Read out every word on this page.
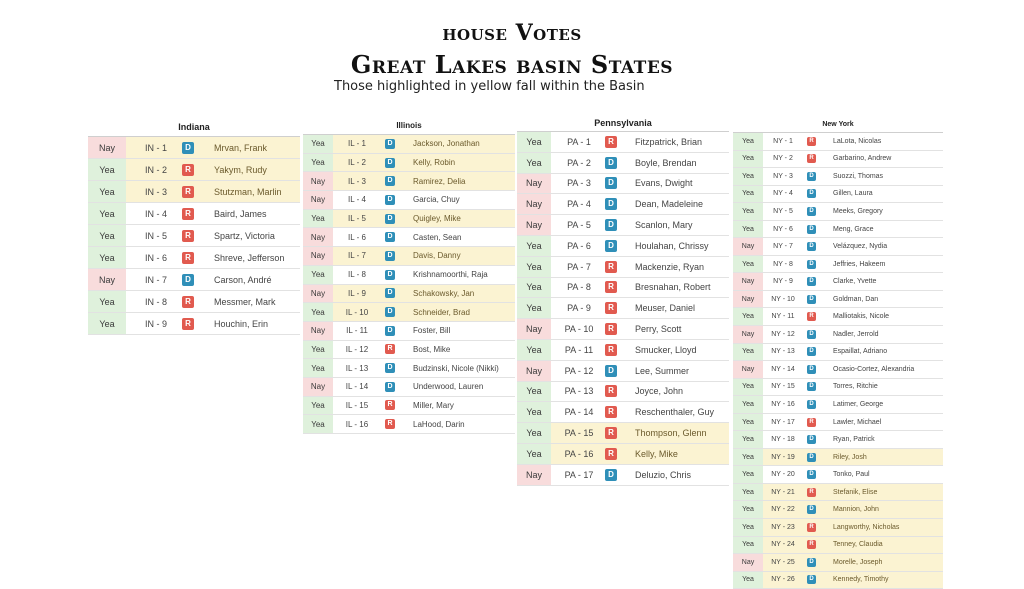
house Votes
Great Lakes basin States
Those highlighted in yellow fall within the Basin
Indiana
Nay	IN - 1	D	Mrvan, Frank
Yea	IN - 2	R	Yakym, Rudy
Yea	IN - 3	R	Stutzman, Marlin
Yea	IN - 4	R	Baird, James
Yea	IN - 5	R	Spartz, Victoria
Yea	IN - 6	R	Shreve, Jefferson
Nay	IN - 7	D	Carson, André
Yea	IN - 8	R	Messmer, Mark
Yea	IN - 9	R	Houchin, Erin
Illinois
Yea	IL - 1	D	Jackson, Jonathan
Yea	IL - 2	D	Kelly, Robin
Nay	IL - 3	D	Ramirez, Delia
Nay	IL - 4	D	Garcia, Chuy
Yea	IL - 5	D	Quigley, Mike
Nay	IL - 6	D	Casten, Sean
Nay	IL - 7	D	Davis, Danny
Yea	IL - 8	D	Krishnamoorthi, Raja
Nay	IL - 9	D	Schakowsky, Jan
Yea	IL - 10	D	Schneider, Brad
Nay	IL - 11	D	Foster, Bill
Yea	IL - 12	R	Bost, Mike
Yea	IL - 13	D	Budzinski, Nicole (Nikki)
Nay	IL - 14	D	Underwood, Lauren
Yea	IL - 15	R	Miller, Mary
Yea	IL - 16	R	LaHood, Darin
Pennsylvania
Yea	PA - 1	R	Fitzpatrick, Brian
Yea	PA - 2	D	Boyle, Brendan
Nay	PA - 3	D	Evans, Dwight
Nay	PA - 4	D	Dean, Madeleine
Nay	PA - 5	D	Scanlon, Mary
Yea	PA - 6	D	Houlahan, Chrissy
Yea	PA - 7	R	Mackenzie, Ryan
Yea	PA - 8	R	Bresnahan, Robert
Yea	PA - 9	R	Meuser, Daniel
Nay	PA - 10	R	Perry, Scott
Yea	PA - 11	R	Smucker, Lloyd
Nay	PA - 12	D	Lee, Summer
Yea	PA - 13	R	Joyce, John
Yea	PA - 14	R	Reschenthaler, Guy
Yea	PA - 15	R	Thompson, Glenn
Yea	PA - 16	R	Kelly, Mike
Nay	PA - 17	D	Deluzio, Chris
New York
Yea	NY - 1	R	LaLota, Nicolas
Yea	NY - 2	R	Garbarino, Andrew
Yea	NY - 3	D	Suozzi, Thomas
Yea	NY - 4	D	Gillen, Laura
Yea	NY - 5	D	Meeks, Gregory
Yea	NY - 6	D	Meng, Grace
Nay	NY - 7	D	Velázquez, Nydia
Yea	NY - 8	D	Jeffries, Hakeem
Nay	NY - 9	D	Clarke, Yvette
Nay	NY - 10	D	Goldman, Dan
Yea	NY - 11	R	Malliotakis, Nicole
Nay	NY - 12	D	Nadler, Jerrold
Yea	NY - 13	D	Espaillat, Adriano
Nay	NY - 14	D	Ocasio-Cortez, Alexandria
Yea	NY - 15	D	Torres, Ritchie
Yea	NY - 16	D	Latimer, George
Yea	NY - 17	R	Lawler, Michael
Yea	NY - 18	D	Ryan, Patrick
Yea	NY - 19	D	Riley, Josh
Yea	NY - 20	D	Tonko, Paul
Yea	NY - 21	R	Stefanik, Elise
Yea	NY - 22	D	Mannion, John
Yea	NY - 23	R	Langworthy, Nicholas
Yea	NY - 24	R	Tenney, Claudia
Nay	NY - 25	D	Morelle, Joseph
Yea	NY - 26	D	Kennedy, Timothy
